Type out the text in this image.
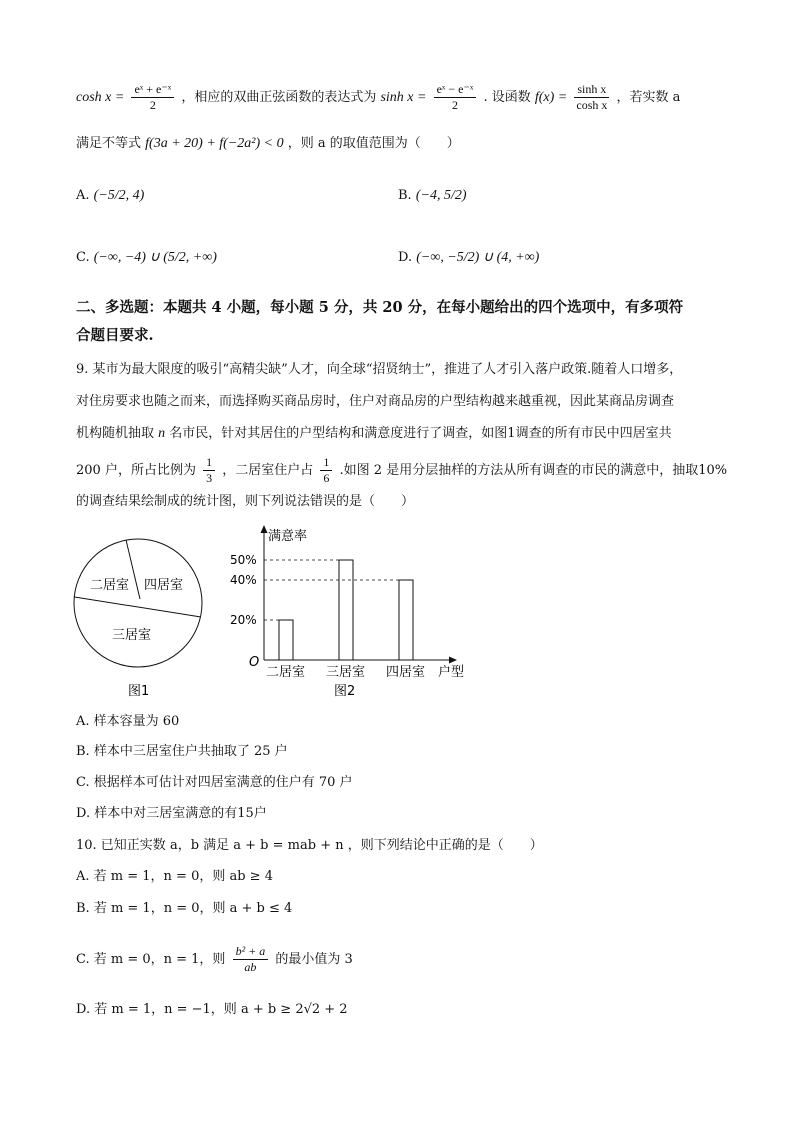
$\cosh x = \frac{\text{eˣ + e⁻ˣ}}{2}$ ，相应的双曲正弦函数的表达式为 $\sinh x = \frac{\text{eˣ − e⁻ˣ}}{2}$ . 设函数 $f(x) = \frac{\text{sinh x}}{\text{cosh x}}$ ，若实数 a
满足不等式 f(3a + 20) + f(−2a²) < 0 ，则 a 的取值范围为（　　）
A. (−5/2, 4)	B. (−4, 5/2)
C. (−∞, −4) ∪ (5/2, +∞)	D. (−∞, −5/2) ∪ (4, +∞)
二、多选题：本题共 4 小题，每小题 5 分，共 20 分，在每小题给出的四个选项中，有多项符
合题目要求.
9. 某市为最大限度的吸引“高精尖缺”人才，向全球“招贤纳士”，推进了人才引入落户政策.随着人口增多，
对住房要求也随之而来，而选择购买商品房时，住户对商品房的户型结构越来越重视，因此某商品房调查
机构随机抽取 n 名市民，针对其居住的户型结构和满意度进行了调查，如图1调查的所有市民中四居室共
200 户，所占比例为 $\frac{1}{3}$ ，二居室住户占 $\frac{1}{6}$ .如图 2 是用分层抽样的方法从所有调查的市民的满意中，抽取10%
的调查结果绘制成的统计图，则下列说法错误的是（　　）
二居室 四居室
三居室
图1
满意率
户型
O
图2
20%
40%
50%
二居室 三居室 四居室
A. 样本容量为 60
B. 样本中三居室住户共抽取了 25 户
C. 根据样本可估计对四居室满意的住户有 70 户
D. 样本中对三居室满意的有15户
10. 已知正实数 a，b 满足 a + b = mab + n ，则下列结论中正确的是（　　）
A. 若 m = 1，n = 0，则 ab ≥ 4
B. 若 m = 1，n = 0，则 a + b ≤ 4
C. 若 m = 0，n = 1，则 $\frac{\text{b² + a}}{ab}$ 的最小值为 3
D. 若 m = 1，n = −1，则 a + b ≥ 2√2 + 2
